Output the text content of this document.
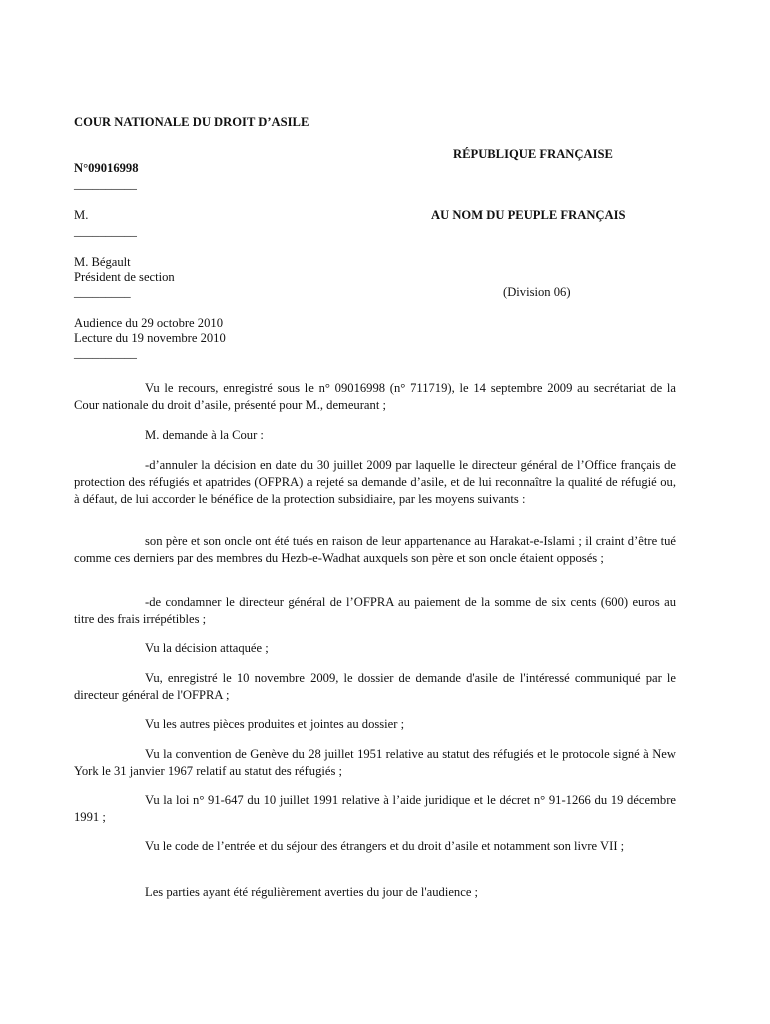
COUR NATIONALE DU DROIT D’ASILE
N°09016998
__________
M.
__________
M. Bégault
Président de section
_________
Audience du 29 octobre 2010
Lecture du 19 novembre 2010
__________
RÉPUBLIQUE FRANÇAISE
AU NOM DU PEUPLE FRANÇAIS
(Division 06)
Vu le recours, enregistré sous le n° 09016998 (n° 711719), le 14 septembre 2009 au secrétariat de la Cour nationale du droit d’asile, présenté pour M., demeurant ;
M. demande à la Cour :
-d’annuler la décision en date du 30 juillet 2009 par laquelle le directeur général de l’Office français de protection des réfugiés et apatrides (OFPRA) a rejeté sa demande d’asile, et de lui reconnaître la qualité de réfugié ou, à défaut, de lui accorder le bénéfice de la protection subsidiaire, par les moyens suivants :
son père et son oncle ont été tués en raison de leur appartenance au Harakat-e-Islami ; il craint d’être tué comme ces derniers par des membres du Hezb-e-Wadhat auxquels son père et son oncle étaient opposés ;
-de condamner le directeur général de l’OFPRA au paiement de la somme de six cents (600) euros au titre des frais irrépétibles ;
Vu la décision attaquée ;
Vu, enregistré le 10 novembre 2009, le dossier de demande d'asile de l'intéressé communiqué par le directeur général de l'OFPRA ;
Vu les autres pièces produites et jointes au dossier ;
Vu la convention de Genève du 28 juillet 1951 relative au statut des réfugiés et le protocole signé à New York le 31 janvier 1967 relatif au statut des réfugiés ;
Vu la loi n° 91-647 du 10 juillet 1991 relative à l’aide juridique et le décret n° 91-1266 du 19 décembre 1991 ;
Vu le code de l’entrée et du séjour des étrangers et du droit d’asile et notamment son livre VII ;
Les parties ayant été régulièrement averties du jour de l'audience ;
